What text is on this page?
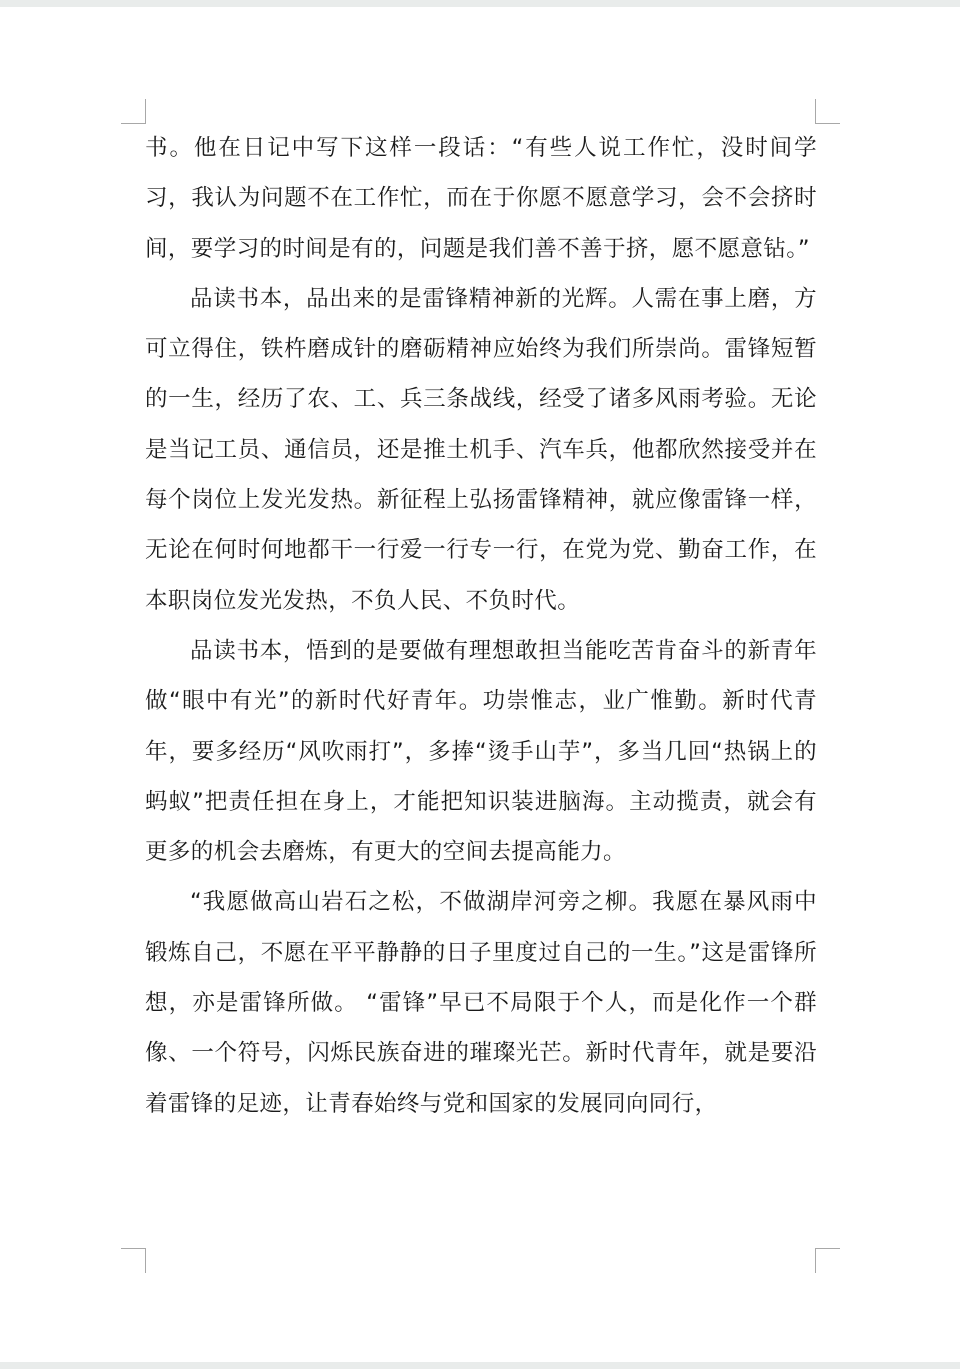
书。他在日记中写下这样一段话：“有些人说工作忙，没时间学习，我认为问题不在工作忙，而在于你愿不愿意学习，会不会挤时间，要学习的时间是有的，问题是我们善不善于挤，愿不愿意钻。”

品读书本，品出来的是雷锋精神新的光辉。人需在事上磨，方可立得住，铁杵磨成针的磨砺精神应始终为我们所崇尚。雷锋短暂的一生，经历了农、工、兵三条战线，经受了诸多风雨考验。无论是当记工员、通信员，还是推土机手、汽车兵，他都欣然接受并在每个岗位上发光发热。新征程上弘扬雷锋精神，就应像雷锋一样，无论在何时何地都干一行爱一行专一行，在党为党、勤奋工作，在本职岗位发光发热，不负人民、不负时代。

品读书本，悟到的是要做有理想敢担当能吃苦肯奋斗的新青年做“眼中有光”的新时代好青年。功崇惟志，业广惟勤。新时代青年，要多经历“风吹雨打”，多捧“烫手山芋”，多当几回“热锅上的蚂蚁”把责任担在身上，才能把知识装进脑海。主动揽责，就会有更多的机会去磨炼，有更大的空间去提高能力。

“我愿做高山岩石之松，不做湖岸河旁之柳。我愿在暴风雨中锻炼自己，不愿在平平静静的日子里度过自己的一生。”这是雷锋所想，亦是雷锋所做。 “雷锋”早已不局限于个人，而是化作一个群像、一个符号，闪烁民族奋进的璀璨光芒。新时代青年，就是要沿着雷锋的足迹，让青春始终与党和国家的发展同向同行，
